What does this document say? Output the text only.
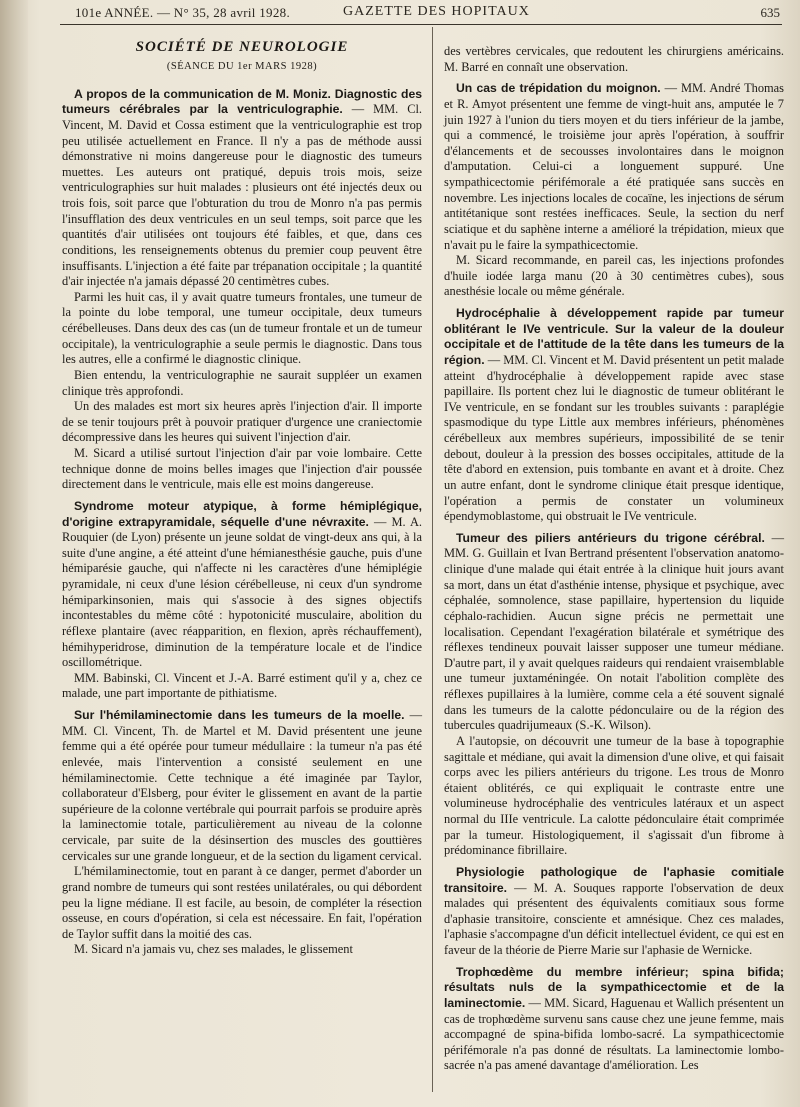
101e ANNÉE. — N° 35, 28 avril 1928.	GAZETTE DES HOPITAUX	635

SOCIÉTÉ DE NEUROLOGIE

(SÉANCE DU 1er MARS 1928)

A propos de la communication de M. Moniz. Diagnostic des tumeurs cérébrales par la ventriculographie. — MM. Cl. Vincent, M. David et Cossa estiment que la ventriculographie est trop peu utilisée actuellement en France. Il n'y a pas de méthode aussi démonstrative ni moins dangereuse pour le diagnostic des tumeurs muettes. Les auteurs ont pratiqué, depuis trois mois, seize ventriculographies sur huit malades : plusieurs ont été injectés deux ou trois fois, soit parce que l'obturation du trou de Monro n'a pas permis l'insufflation des deux ventricules en un seul temps, soit parce que les quantités d'air utilisées ont toujours été faibles, et que, dans ces conditions, les renseignements obtenus du premier coup peuvent être insuffisants. L'injection a été faite par trépanation occipitale ; la quantité d'air injectée n'a jamais dépassé 20 centimètres cubes.

Parmi les huit cas, il y avait quatre tumeurs frontales, une tumeur de la pointe du lobe temporal, une tumeur occipitale, deux tumeurs cérébelleuses. Dans deux des cas (un de tumeur frontale et un de tumeur occipitale), la ventriculographie a seule permis le diagnostic. Dans tous les autres, elle a confirmé le diagnostic clinique.

Bien entendu, la ventriculographie ne saurait suppléer un examen clinique très approfondi.

Un des malades est mort six heures après l'injection d'air. Il importe de se tenir toujours prêt à pouvoir pratiquer d'urgence une craniectomie décompressive dans les heures qui suivent l'injection d'air.

M. Sicard a utilisé surtout l'injection d'air par voie lombaire. Cette technique donne de moins belles images que l'injection d'air poussée directement dans le ventricule, mais elle est moins dangereuse.

Syndrome moteur atypique, à forme hémiplégique, d'origine extrapyramidale, séquelle d'une névraxite. — M. A. Rouquier (de Lyon) présente un jeune soldat de vingt-deux ans qui, à la suite d'une angine, a été atteint d'une hémianesthésie gauche, puis d'une hémiparésie gauche, qui n'affecte ni les caractères d'une hémiplégie pyramidale, ni ceux d'une lésion cérébelleuse, ni ceux d'un syndrome hémiparkinsonien, mais qui s'associe à des signes objectifs incontestables du même côté : hypotonicité musculaire, abolition du réflexe plantaire (avec réapparition, en flexion, après réchauffement), hémihyperidrose, diminution de la température locale et de l'indice oscillométrique.

MM. Babinski, Cl. Vincent et J.-A. Barré estiment qu'il y a, chez ce malade, une part importante de pithiatisme.

Sur l'hémilaminectomie dans les tumeurs de la moelle. — MM. Cl. Vincent, Th. de Martel et M. David présentent une jeune femme qui a été opérée pour tumeur médullaire : la tumeur n'a pas été enlevée, mais l'intervention a consisté seulement en une hémilaminectomie. Cette technique a été imaginée par Taylor, collaborateur d'Elsberg, pour éviter le glissement en avant de la partie supérieure de la colonne vertébrale qui pourrait parfois se produire après la laminectomie totale, particulièrement au niveau de la colonne cervicale, par suite de la désinsertion des muscles des gouttières cervicales sur une grande longueur, et de la section du ligament cervical.

L'hémilaminectomie, tout en parant à ce danger, permet d'aborder un grand nombre de tumeurs qui sont restées unilatérales, ou qui débordent peu la ligne médiane. Il est facile, au besoin, de compléter la résection osseuse, en cours d'opération, si cela est nécessaire. En fait, l'opération de Taylor suffit dans la moitié des cas.

M. Sicard n'a jamais vu, chez ses malades, le glissement

des vertèbres cervicales, que redoutent les chirurgiens américains. M. Barré en connaît une observation.

Un cas de trépidation du moignon. — MM. André Thomas et R. Amyot présentent une femme de vingt-huit ans, amputée le 7 juin 1927 à l'union du tiers moyen et du tiers inférieur de la jambe, qui a commencé, le troisième jour après l'opération, à souffrir d'élancements et de secousses involontaires dans le moignon d'amputation. Celui-ci a longuement suppuré. Une sympathicectomie périfémorale a été pratiquée sans succès en novembre. Les injections locales de cocaïne, les injections de sérum antitétanique sont restées inefficaces. Seule, la section du nerf sciatique et du saphène interne a amélioré la trépidation, mieux que n'avait pu le faire la sympathicectomie.

M. Sicard recommande, en pareil cas, les injections profondes d'huile iodée larga manu (20 à 30 centimètres cubes), sous anesthésie locale ou même générale.

Hydrocéphalie à développement rapide par tumeur oblitérant le IVe ventricule. Sur la valeur de la douleur occipitale et de l'attitude de la tête dans les tumeurs de la région. — MM. Cl. Vincent et M. David présentent un petit malade atteint d'hydrocéphalie à développement rapide avec stase papillaire. Ils portent chez lui le diagnostic de tumeur oblitérant le IVe ventricule, en se fondant sur les troubles suivants : paraplégie spasmodique du type Little aux membres inférieurs, phénomènes cérébelleux aux membres supérieurs, impossibilité de se tenir debout, douleur à la pression des bosses occipitales, attitude de la tête d'abord en extension, puis tombante en avant et à droite. Chez un autre enfant, dont le syndrome clinique était presque identique, l'opération a permis de constater un volumineux épendymoblastome, qui obstruait le IVe ventricule.

Tumeur des piliers antérieurs du trigone cérébral. — MM. G. Guillain et Ivan Bertrand présentent l'observation anatomo-clinique d'une malade qui était entrée à la clinique huit jours avant sa mort, dans un état d'asthénie intense, physique et psychique, avec céphalée, somnolence, stase papillaire, hypertension du liquide céphalo-rachidien. Aucun signe précis ne permettait une localisation. Cependant l'exagération bilatérale et symétrique des réflexes tendineux pouvait laisser supposer une tumeur médiane. D'autre part, il y avait quelques raideurs qui rendaient vraisemblable une tumeur juxtaméningée. On notait l'abolition complète des réflexes pupillaires à la lumière, comme cela a été souvent signalé dans les tumeurs de la calotte pédonculaire ou de la région des tubercules quadrijumeaux (S.-K. Wilson).

A l'autopsie, on découvrit une tumeur de la base à topographie sagittale et médiane, qui avait la dimension d'une olive, et qui faisait corps avec les piliers antérieurs du trigone. Les trous de Monro étaient oblitérés, ce qui expliquait le contraste entre une volumineuse hydrocéphalie des ventricules latéraux et un aspect normal du IIIe ventricule. La calotte pédonculaire était comprimée par la tumeur. Histologiquement, il s'agissait d'un fibrome à prédominance fibrillaire.

Physiologie pathologique de l'aphasie comitiale transitoire. — M. A. Souques rapporte l'observation de deux malades qui présentent des équivalents comitiaux sous forme d'aphasie transitoire, consciente et amnésique. Chez ces malades, l'aphasie s'accompagne d'un déficit intellectuel évident, ce qui est en faveur de la théorie de Pierre Marie sur l'aphasie de Wernicke.

Trophœdème du membre inférieur; spina bifida; résultats nuls de la sympathicectomie et de la laminectomie. — MM. Sicard, Haguenau et Wallich présentent un cas de trophœdème survenu sans cause chez une jeune femme, mais accompagné de spina-bifida lombo-sacré. La sympathicectomie périfémorale n'a pas donné de résultats. La laminectomie lombo-sacrée n'a pas amené davantage d'amélioration. Les
